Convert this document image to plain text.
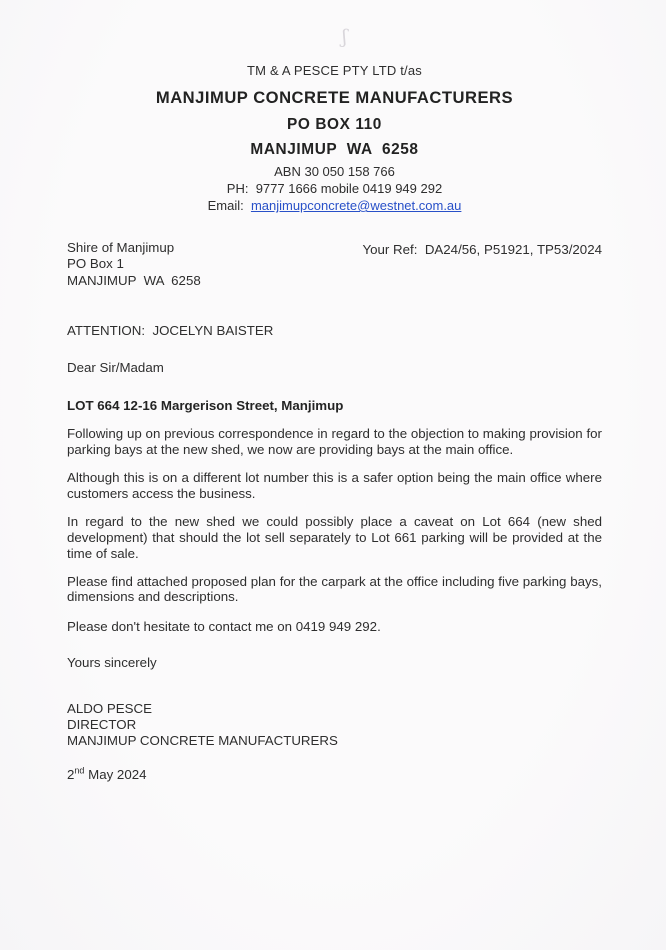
ʃ
TM & A PESCE PTY LTD t/as
MANJIMUP CONCRETE MANUFACTURERS
PO BOX 110
MANJIMUP  WA  6258
ABN 30 050 158 766
PH:  9777 1666 mobile 0419 949 292
Email:  manjimupconcrete@westnet.com.au
Shire of Manjimup
PO Box 1
MANJIMUP  WA  6258
Your Ref:  DA24/56, P51921, TP53/2024
ATTENTION:  JOCELYN BAISTER
Dear Sir/Madam
LOT 664 12-16 Margerison Street, Manjimup

Following up on previous correspondence in regard to the objection to making provision for parking bays at the new shed, we now are providing bays at the main office.

Although this is on a different lot number this is a safer option being the main office where customers access the business.

In regard to the new shed we could possibly place a caveat on Lot 664 (new shed development) that should the lot sell separately to Lot 661 parking will be provided at the time of sale.

Please find attached proposed plan for the carpark at the office including five parking bays, dimensions and descriptions.

Please don't hesitate to contact me on 0419 949 292.
Yours sincerely
ALDO PESCE
DIRECTOR
MANJIMUP CONCRETE MANUFACTURERS
2nd May 2024
